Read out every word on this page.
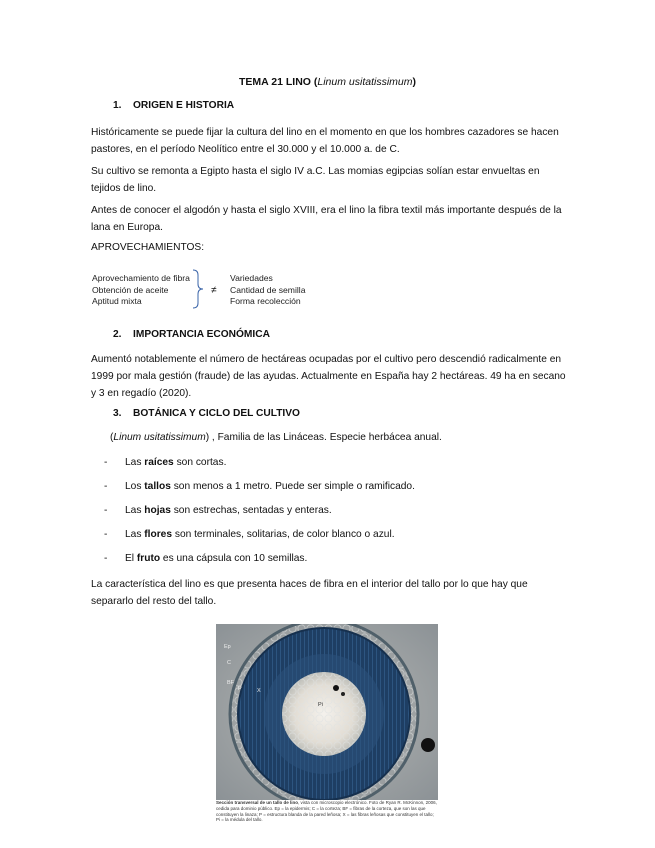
TEMA 21 LINO (Linum usitatissimum)
1. ORIGEN E HISTORIA
Históricamente se puede fijar la cultura del lino en el momento en que los hombres cazadores se hacen pastores, en el período Neolítico entre el 30.000 y el 10.000 a. de C.
Su cultivo se remonta a Egipto hasta el siglo IV a.C. Las momias egipcias solían estar envueltas en tejidos de lino.
Antes de conocer el algodón y hasta el siglo XVIII, era el lino la fibra textil más importante después de la lana en Europa.
APROVECHAMIENTOS:
Aprovechamiento de fibra
Obtención de aceite
Aptitud mixta
≠
Variedades
Cantidad de semilla
Forma recolección
2. IMPORTANCIA ECONÓMICA
Aumentó notablemente el número de hectáreas ocupadas por el cultivo pero descendió radicalmente en 1999 por mala gestión (fraude) de las ayudas. Actualmente en España hay 2 hectáreas. 49 ha en secano y 3 en regadío (2020).
3. BOTÁNICA Y CICLO DEL CULTIVO
(Linum usitatissimum) , Familia de las Lináceas. Especie herbácea anual.
- Las raíces son cortas.
- Los tallos son menos a 1 metro. Puede ser simple o ramificado.
- Las hojas son estrechas, sentadas y enteras.
- Las flores son terminales, solitarias, de color blanco o azul.
- El fruto es una cápsula con 10 semillas.
La característica del lino es que presenta haces de fibra en el interior del tallo por lo que hay que separarlo del resto del tallo.
Ep
C
BF
P	X
Pi
Sección transversal de un tallo de lino, vista con microscopio electrónico. Foto de Ryan R. McKinnon, 2006, cedida para dominio público. Ep = la epidermis; C = la corteza; BF = fibras de la corteza, que son las que constituyen la linaza; P = estructura blanda de la pared leñosa; X = las fibras leñosas que constituyen el tallo; Pi = la médula del tallo.
